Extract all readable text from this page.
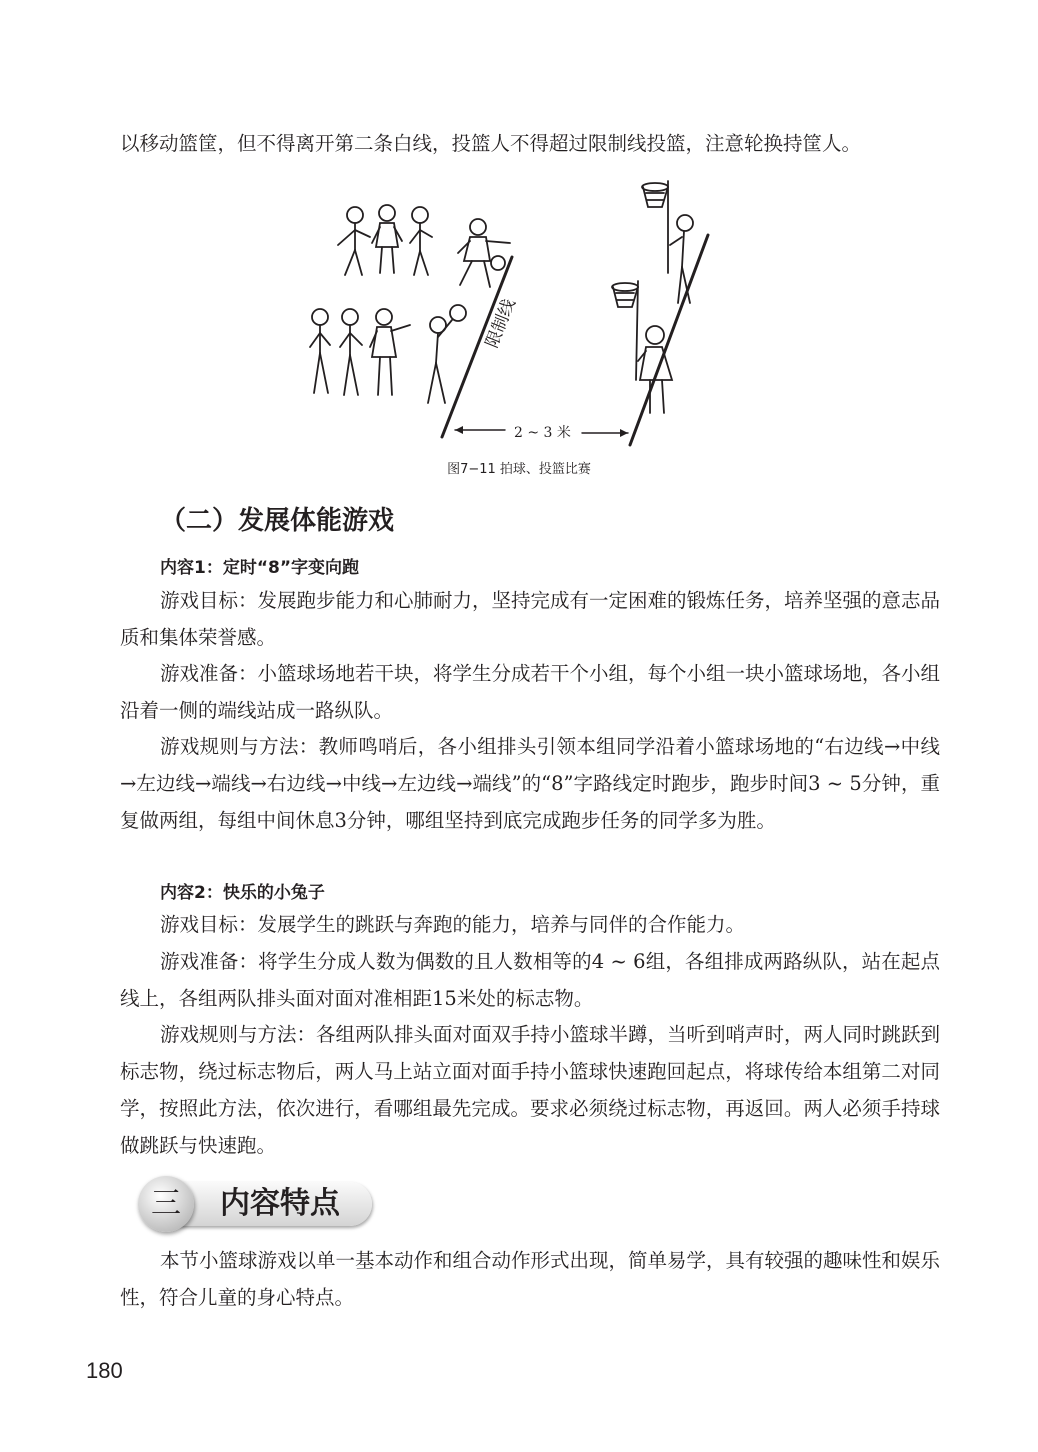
以移动篮筐，但不得离开第二条白线，投篮人不得超过限制线投篮，注意轮换持筐人。

限制线
2 ~ 3 米
图7−11 拍球、投篮比赛
（二）发展体能游戏

内容1：定时“8”字变向跑

游戏目标：发展跑步能力和心肺耐力，坚持完成有一定困难的锻炼任务，培养坚强的意志品质和集体荣誉感。

游戏准备：小篮球场地若干块，将学生分成若干个小组，每个小组一块小篮球场地，各小组沿着一侧的端线站成一路纵队。

游戏规则与方法：教师鸣哨后，各小组排头引领本组同学沿着小篮球场地的“右边线→中线→左边线→端线→右边线→中线→左边线→端线”的“8”字路线定时跑步，跑步时间3 ~ 5分钟，重复做两组，每组中间休息3分钟，哪组坚持到底完成跑步任务的同学多为胜。

内容2：快乐的小兔子

游戏目标：发展学生的跳跃与奔跑的能力，培养与同伴的合作能力。

游戏准备：将学生分成人数为偶数的且人数相等的4 ~ 6组，各组排成两路纵队，站在起点线上，各组两队排头面对面对准相距15米处的标志物。

游戏规则与方法：各组两队排头面对面双手持小篮球半蹲，当听到哨声时，两人同时跳跃到标志物，绕过标志物后，两人马上站立面对面手持小篮球快速跑回起点，将球传给本组第二对同学，按照此方法，依次进行，看哪组最先完成。要求必须绕过标志物，再返回。两人必须手持球做跳跃与快速跑。

三	内容特点

本节小篮球游戏以单一基本动作和组合动作形式出现，简单易学，具有较强的趣味性和娱乐性，符合儿童的身心特点。

180
